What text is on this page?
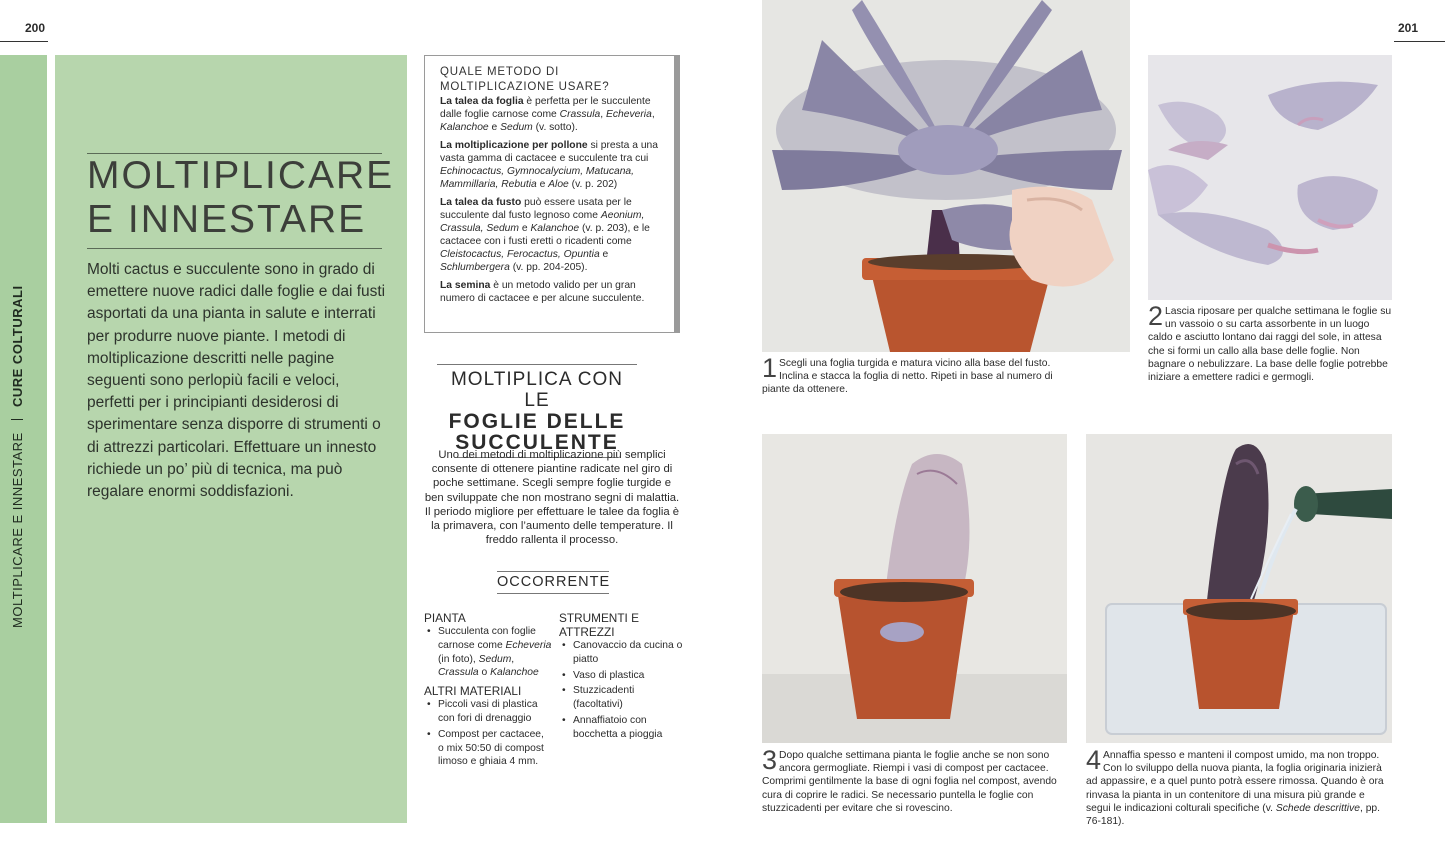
200	201
MOLTIPLICARE E INNESTARE  CURE COLTURALI
MOLTIPLICARE
E INNESTARE
Molti cactus e succulente sono in grado di emettere nuove radici dalle foglie e dai fusti asportati da una pianta in salute e interrati per produrre nuove piante. I metodi di moltiplicazione descritti nelle pagine seguenti sono perlopiù facili e veloci, perfetti per i principianti desiderosi di sperimentare senza disporre di strumenti o di attrezzi particolari. Effettuare un innesto richiede un po’ più di tecnica, ma può regalare enormi soddisfazioni.
QUALE METODO DI
MOLTIPLICAZIONE USARE?

La talea da foglia è perfetta per le succulente dalle foglie carnose come Crassula, Echeveria, Kalanchoe e Sedum (v. sotto).

La moltiplicazione per pollone si presta a una vasta gamma di cactacee e succulente tra cui Echinocactus, Gymnocalycium, Matucana, Mammillaria, Rebutia e Aloe (v. p. 202)

La talea da fusto può essere usata per le succulente dal fusto legnoso come Aeonium, Crassula, Sedum e Kalanchoe (v. p. 203), e le cactacee con i fusti eretti o ricadenti come Cleistocactus, Ferocactus, Opuntia e Schlumbergera (v. pp. 204-205).

La semina è un metodo valido per un gran numero di cactacee e per alcune succulente.

MOLTIPLICA CON LE
FOGLIE DELLE
SUCCULENTE
Uno dei metodi di moltiplicazione più semplici consente di ottenere piantine radicate nel giro di poche settimane. Scegli sempre foglie turgide e ben sviluppate che non mostrano segni di malattia. Il periodo migliore per effettuare le talee da foglia è la primavera, con l’aumento delle temperature. Il freddo rallenta il processo.
OCCORRENTE
PIANTA
• Succulenta con foglie carnose come Echeveria (in foto), Sedum, Crassula o Kalanchoe
ALTRI MATERIALI
• Piccoli vasi di plastica con fori di drenaggio
• Compost per cactacee, o mix 50:50 di compost limoso e ghiaia 4 mm.
STRUMENTI E ATTREZZI
• Canovaccio da cucina o piatto
• Vaso di plastica
• Stuzzicadenti (facoltativi)
• Annaffiatoio con bocchetta a pioggia
1 Scegli una foglia turgida e matura vicino alla base del fusto. Inclina e stacca la foglia di netto. Ripeti in base al numero di piante da ottenere.
2 Lascia riposare per qualche settimana le foglie su un vassoio o su carta assorbente in un luogo caldo e asciutto lontano dai raggi del sole, in attesa che si formi un callo alla base delle foglie. Non bagnare o nebulizzare. La base delle foglie potrebbe iniziare a emettere radici e germogli.
3 Dopo qualche settimana pianta le foglie anche se non sono ancora germogliate. Riempi i vasi di compost per cactacee. Comprimi gentilmente la base di ogni foglia nel compost, avendo cura di coprire le radici. Se necessario puntella le foglie con stuzzicadenti per evitare che si rovescino.
4 Annaffia spesso e manteni il compost umido, ma non troppo. Con lo sviluppo della nuova pianta, la foglia originaria inizierà ad appassire, e a quel punto potrà essere rimossa. Quando è ora rinvasa la pianta in un contenitore di una misura più grande e segui le indicazioni colturali specifiche (v. Schede descrittive, pp. 76-181).
